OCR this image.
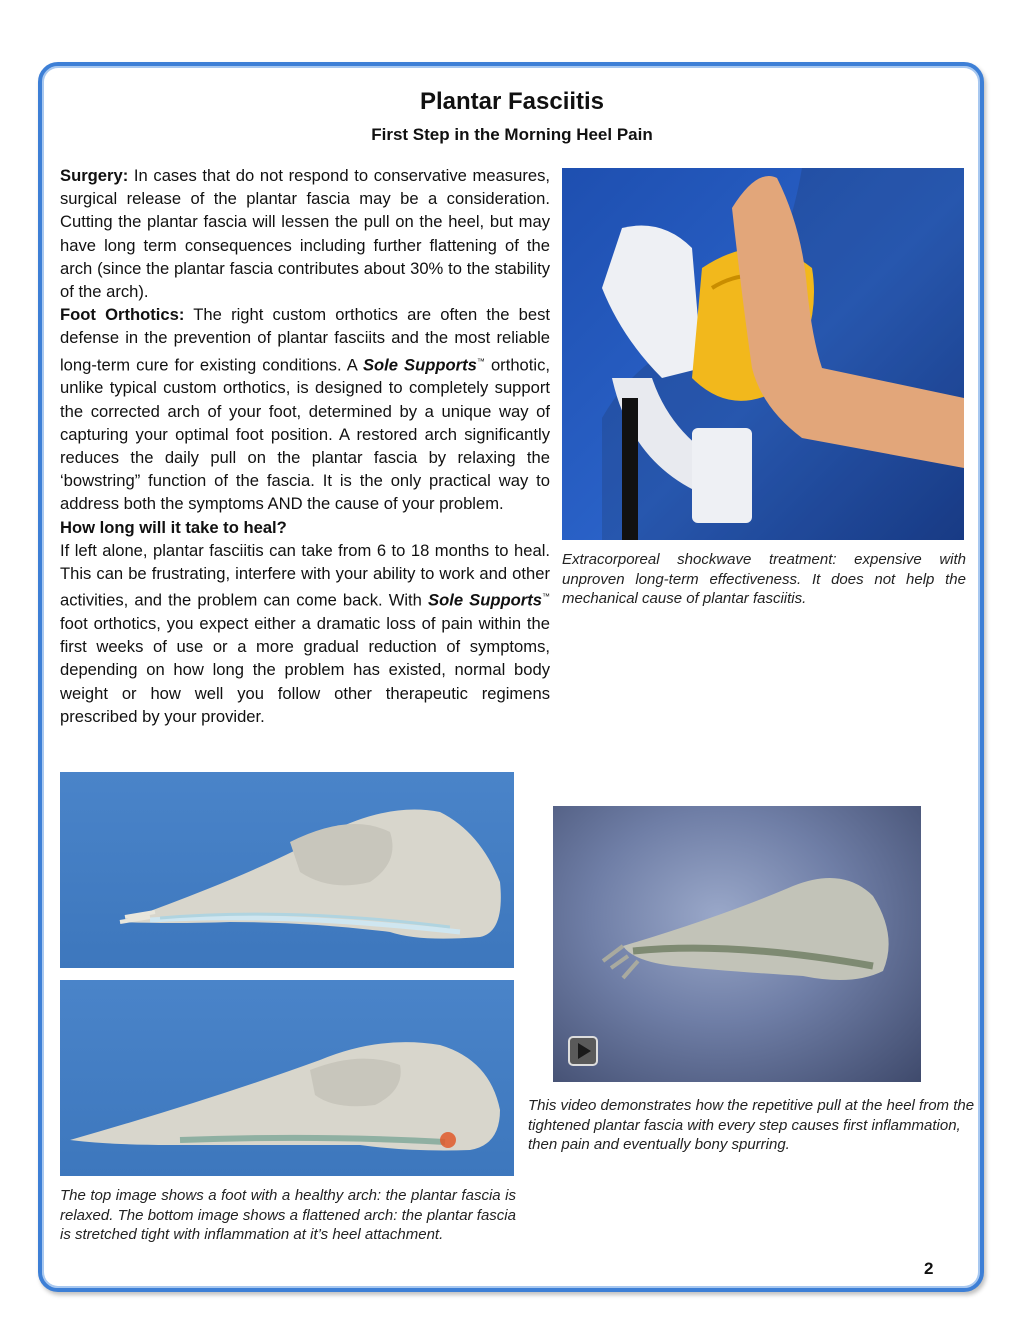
Plantar Fasciitis
First Step in the Morning Heel Pain

Surgery: In cases that do not respond to conservative measures, surgical release of the plantar fascia may be a consideration. Cutting the plantar fascia will lessen the pull on the heel, but may have long term consequences including further flattening of the arch (since the plantar fascia contributes about 30% to the stability of the arch).

Foot Orthotics: The right custom orthotics are often the best defense in the prevention of plantar fasciits and the most reliable long-term cure for existing conditions. A Sole Supports™ orthotic, unlike typical custom orthotics, is designed to completely support the corrected arch of your foot, determined by a unique way of capturing your optimal foot position. A restored arch significantly reduces the daily pull on the plantar fascia by relaxing the ‘bowstring” function of the fascia. It is the only practical way to address both the symptoms AND the cause of your problem.

How long will it take to heal?

If left alone, plantar fasciitis can take from 6 to 18 months to heal. This can be frustrating, interfere with your ability to work and other activities, and the problem can come back. With Sole Supports™ foot orthotics, you expect either a dramatic loss of pain within the first weeks of use or a more gradual reduction of symptoms, depending on how long the problem has existed, normal body weight or how well you follow other therapeutic regimens prescribed by your provider.

Extracorporeal shockwave treatment: expensive with unproven long-term effectiveness. It does not help the mechanical cause of plantar fasciitis.

The top image shows a foot with a healthy arch: the plantar fascia is relaxed. The bottom image shows a flattened arch: the plantar fascia is stretched tight with inflammation at it’s heel attachment.

This video demonstrates how the repetitive pull at the heel from the tightened plantar fascia with every step causes first inflammation, then pain and eventually bony spurring.

2
